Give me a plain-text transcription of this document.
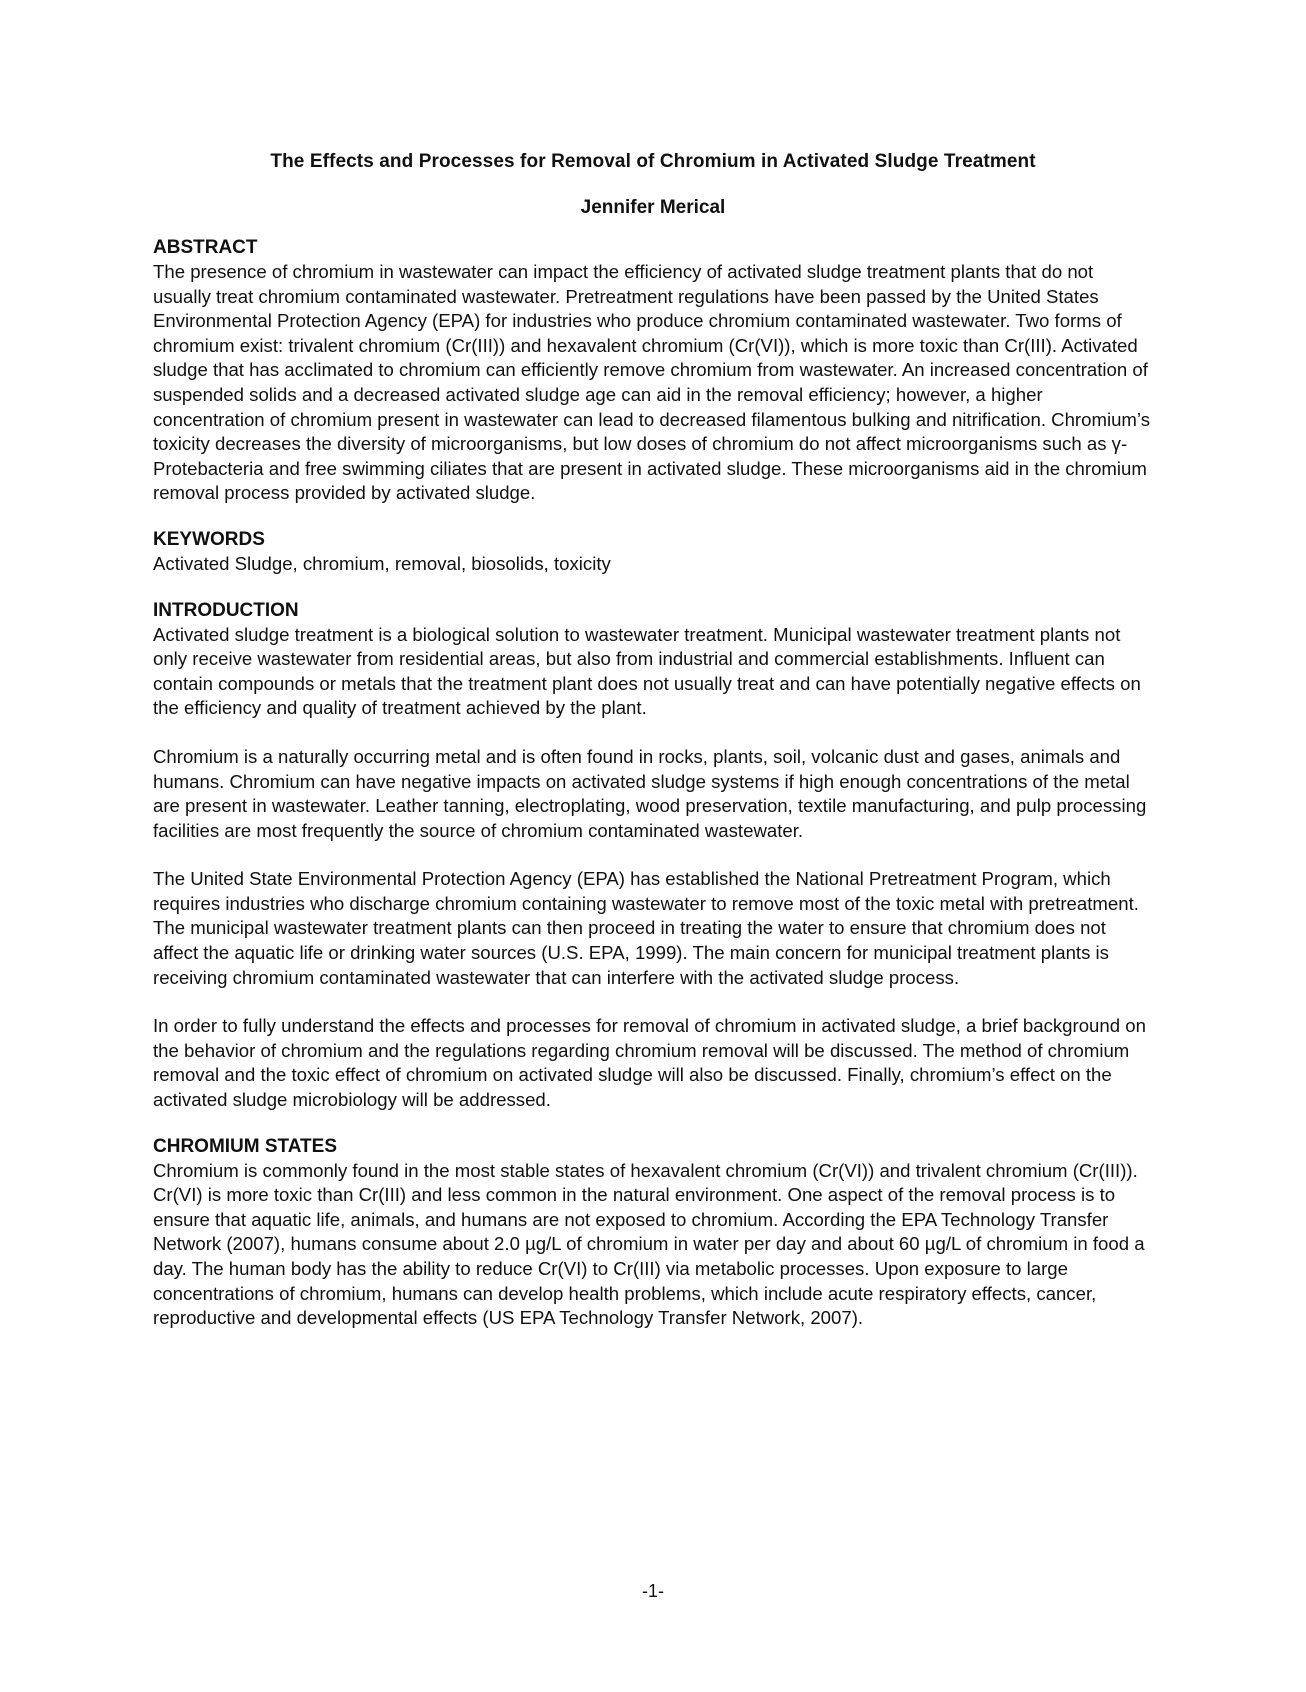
The Effects and Processes for Removal of Chromium in Activated Sludge Treatment
Jennifer Merical
ABSTRACT

The presence of chromium in wastewater can impact the efficiency of activated sludge treatment plants that do not usually treat chromium contaminated wastewater. Pretreatment regulations have been passed by the United States Environmental Protection Agency (EPA) for industries who produce chromium contaminated wastewater. Two forms of chromium exist: trivalent chromium (Cr(III)) and hexavalent chromium (Cr(VI)), which is more toxic than Cr(III). Activated sludge that has acclimated to chromium can efficiently remove chromium from wastewater. An increased concentration of suspended solids and a decreased activated sludge age can aid in the removal efficiency; however, a higher concentration of chromium present in wastewater can lead to decreased filamentous bulking and nitrification. Chromium’s toxicity decreases the diversity of microorganisms, but low doses of chromium do not affect microorganisms such as γ-Protebacteria and free swimming ciliates that are present in activated sludge. These microorganisms aid in the chromium removal process provided by activated sludge.

KEYWORDS

Activated Sludge, chromium, removal, biosolids, toxicity

INTRODUCTION

Activated sludge treatment is a biological solution to wastewater treatment. Municipal wastewater treatment plants not only receive wastewater from residential areas, but also from industrial and commercial establishments. Influent can contain compounds or metals that the treatment plant does not usually treat and can have potentially negative effects on the efficiency and quality of treatment achieved by the plant.

Chromium is a naturally occurring metal and is often found in rocks, plants, soil, volcanic dust and gases, animals and humans. Chromium can have negative impacts on activated sludge systems if high enough concentrations of the metal are present in wastewater. Leather tanning, electroplating, wood preservation, textile manufacturing, and pulp processing facilities are most frequently the source of chromium contaminated wastewater.

The United State Environmental Protection Agency (EPA) has established the National Pretreatment Program, which requires industries who discharge chromium containing wastewater to remove most of the toxic metal with pretreatment. The municipal wastewater treatment plants can then proceed in treating the water to ensure that chromium does not affect the aquatic life or drinking water sources (U.S. EPA, 1999). The main concern for municipal treatment plants is receiving chromium contaminated wastewater that can interfere with the activated sludge process.

In order to fully understand the effects and processes for removal of chromium in activated sludge, a brief background on the behavior of chromium and the regulations regarding chromium removal will be discussed. The method of chromium removal and the toxic effect of chromium on activated sludge will also be discussed. Finally, chromium’s effect on the activated sludge microbiology will be addressed.

CHROMIUM STATES

Chromium is commonly found in the most stable states of hexavalent chromium (Cr(VI)) and trivalent chromium (Cr(III)). Cr(VI) is more toxic than Cr(III) and less common in the natural environment. One aspect of the removal process is to ensure that aquatic life, animals, and humans are not exposed to chromium. According the EPA Technology Transfer Network (2007), humans consume about 2.0 µg/L of chromium in water per day and about 60 µg/L of chromium in food a day. The human body has the ability to reduce Cr(VI) to Cr(III) via metabolic processes. Upon exposure to large concentrations of chromium, humans can develop health problems, which include acute respiratory effects, cancer, reproductive and developmental effects (US EPA Technology Transfer Network, 2007).

-1-
